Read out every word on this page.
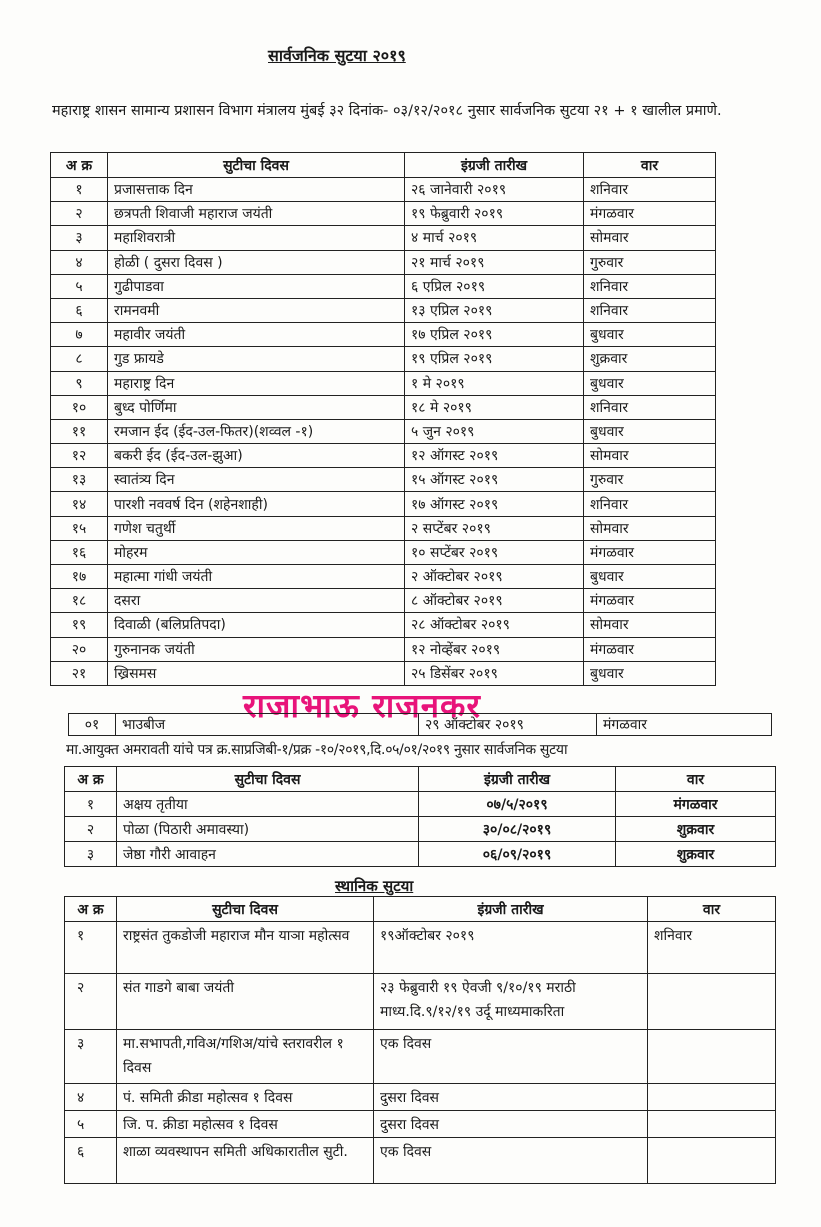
सार्वजनिक सुटया २०१९
महाराष्ट्र शासन सामान्य प्रशासन विभाग मंत्रालय मुंबई ३२ दिनांक- ०३/१२/२०१८ नुसार सार्वजनिक सुटया २१ + १ खालील प्रमाणे.
अ क्र	सुटीचा दिवस	इंग्रजी तारीख	वार
१	प्रजासत्ताक दिन	२६ जानेवारी २०१९	शनिवार
२	छत्रपती शिवाजी महाराज जयंती	१९ फेब्रुवारी २०१९	मंगळवार
३	महाशिवरात्री	४ मार्च २०१९	सोमवार
४	होळी ( दुसरा दिवस )	२१ मार्च २०१९	गुरुवार
५	गुढीपाडवा	६ एप्रिल २०१९	शनिवार
६	रामनवमी	१३ एप्रिल २०१९	शनिवार
७	महावीर जयंती	१७ एप्रिल २०१९	बुधवार
८	गुड फ्रायडे	१९ एप्रिल २०१९	शुक्रवार
९	महाराष्ट्र दिन	१ मे २०१९	बुधवार
१०	बुध्द पोर्णिमा	१८ मे २०१९	शनिवार
११	रमजान ईद (ईद-उल-फितर)(शव्वल -१)	५ जुन २०१९	बुधवार
१२	बकरी ईद (ईद-उल-झुआ)	१२ ऑगस्ट २०१९	सोमवार
१३	स्वातंत्र्य दिन	१५ ऑगस्ट २०१९	गुरुवार
१४	पारशी नववर्ष दिन (शहेनशाही)	१७ ऑगस्ट २०१९	शनिवार
१५	गणेश चतुर्थी	२ सप्टेंबर २०१९	सोमवार
१६	मोहरम	१० सप्टेंबर २०१९	मंगळवार
१७	महात्मा गांधी जयंती	२ ऑक्टोबर २०१९	बुधवार
१८	दसरा	८ ऑक्टोबर २०१९	मंगळवार
१९	दिवाळी (बलिप्रतिपदा)	२८ ऑक्टोबर २०१९	सोमवार
२०	गुरुनानक जयंती	१२ नोव्हेंबर २०१९	मंगळवार
२१	ख्रिसमस	२५ डिसेंबर २०१९	बुधवार
राजाभाऊ राजनकर
०१	भाउबीज	२९ ऑक्टोबर २०१९	मंगळवार
मा.आयुक्त अमरावती यांचे पत्र क्र.साप्रजिबी-१/प्रक्र -१०/२०१९,दि.०५/०१/२०१९ नुसार सार्वजनिक सुटया
अ क्र	सुटीचा दिवस	इंग्रजी तारीख	वार
१	अक्षय तृतीया	०७/५/२०१९	मंगळवार
२	पोळा (पिठारी अमावस्या)	३०/०८/२०१९	शुक्रवार
३	जेष्ठा गौरी आवाहन	०६/०९/२०१९	शुक्रवार
स्थानिक सुटया
अ क्र	सुटीचा दिवस	इंग्रजी तारीख	वार
१	राष्ट्रसंत तुकडोजी महाराज मौन याञा महोत्सव	१९ऑक्टोबर २०१९	शनिवार
२	संत गाडगे बाबा जयंती	२३ फेब्रुवारी १९ ऐवजी ९/१०/१९ मराठी माध्य.दि.९/१२/१९ उर्दू माध्यमाकरिता	
३	मा.सभापती,गविअ/गशिअ/यांचे स्तरावरील १ दिवस	एक दिवस	
४	पं. समिती क्रीडा महोत्सव १ दिवस	दुसरा दिवस	
५	जि. प. क्रीडा महोत्सव १ दिवस	दुसरा दिवस	
६	शाळा व्यवस्थापन समिती अधिकारातील सुटी.	एक दिवस	
